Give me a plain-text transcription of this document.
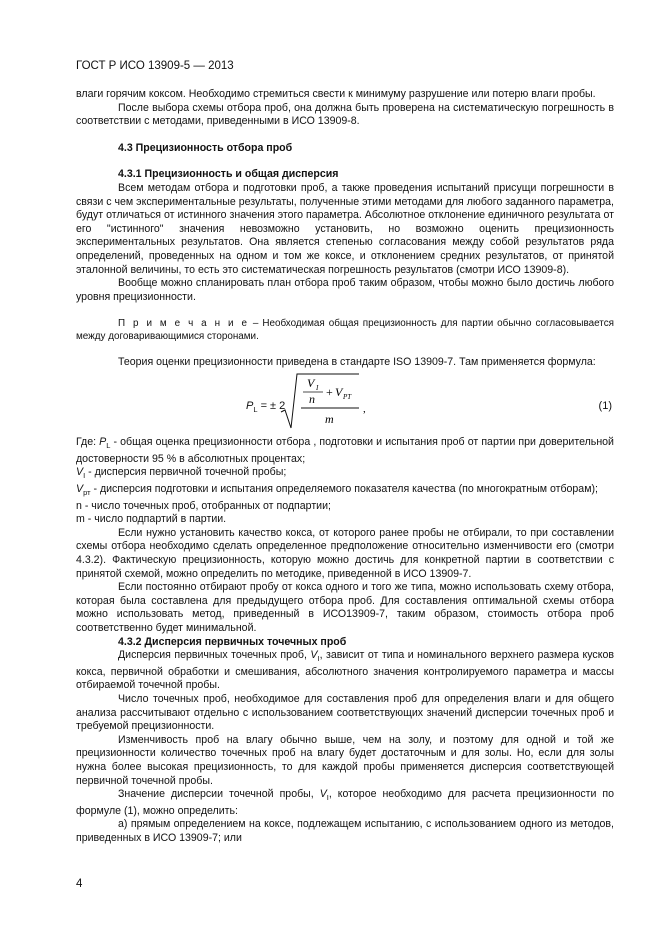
ГОСТ Р ИСО 13909-5 — 2013

влаги горячим коксом. Необходимо стремиться свести к минимуму разрушение или потерю влаги пробы.

После выбора схемы отбора проб, она должна быть проверена на систематическую погрешность в соответствии с методами, приведенными в ИСО 13909-8.

4.3 Прецизионность отбора проб

4.3.1 Прецизионность и общая дисперсия

Всем методам отбора и подготовки проб, а также проведения испытаний присущи погрешности в связи с чем экспериментальные результаты, полученные этими методами для любого заданного параметра, будут отличаться от истинного значения этого параметра. Абсолютное отклонение единичного результата от его "истинного" значения невозможно установить, но возможно оценить прецизионность экспериментальных результатов. Она является степенью согласования между собой результатов ряда определений, проведенных на одном и том же коксе, и отклонением средних результатов, от принятой эталонной величины, то есть это систематическая погрешность результатов (смотри ИСО 13909-8).

Вообще можно спланировать план отбора проб таким образом, чтобы можно было достичь любого уровня прецизионности.

П р и м е ч а н и е – Необходимая общая прецизионность для партии обычно согласовывается между договаривающимися сторонами.

Теория оценки прецизионности приведена в стандарте ISO 13909-7. Там применяется формула:

$P_L$ = ± 2
V I
n + V PT
m
,	(1)

Где: $P_L$ - общая оценка прецизионности отбора , подготовки и испытания проб от партии при доверительной достоверности 95 % в абсолютных процентах;

$V_I$ - дисперсия первичной точечной пробы;

$V_{рт}$ - дисперсия подготовки и испытания определяемого показателя качества (по многократным отборам);

n - число точечных проб, отобранных от подпартии;

m - число подпартий в партии.

Если нужно установить качество кокса, от которого ранее пробы не отбирали, то при составлении схемы отбора необходимо сделать определенное предположение относительно изменчивости его (смотри 4.3.2). Фактическую прецизионность, которую можно достичь для конкретной партии в соответствии с принятой схемой, можно определить по методике, приведенной в ИСО 13909-7.

Если постоянно отбирают пробу от кокса одного и того же типа, можно использовать схему отбора, которая была составлена для предыдущего отбора проб. Для составления оптимальной схемы отбора можно использовать метод, приведенный в ИСО13909-7, таким образом, стоимость отбора проб соответственно будет минимальной.

4.3.2 Дисперсия первичных точечных проб

Дисперсия первичных точечных проб, $V_I$, зависит от типа и номинального верхнего размера кусков кокса, первичной обработки и смешивания, абсолютного значения контролируемого параметра и массы отбираемой точечной пробы.

Число точечных проб, необходимое для составления проб для определения влаги и для общего анализа рассчитывают отдельно с использованием соответствующих значений дисперсии точечных проб и требуемой прецизионности.

Изменчивость проб на влагу обычно выше, чем на золу, и поэтому для одной и той же прецизионности количество точечных проб на влагу будет достаточным и для золы. Но, если для золы нужна более высокая прецизионность, то для каждой пробы применяется дисперсия соответствующей первичной точечной пробы.

Значение дисперсии точечной пробы, $V_I$, которое необходимо для расчета прецизионности по формуле (1), можно определить:

а) прямым определением на коксе, подлежащем испытанию, с использованием одного из методов, приведенных в ИСО 13909-7; или

4
